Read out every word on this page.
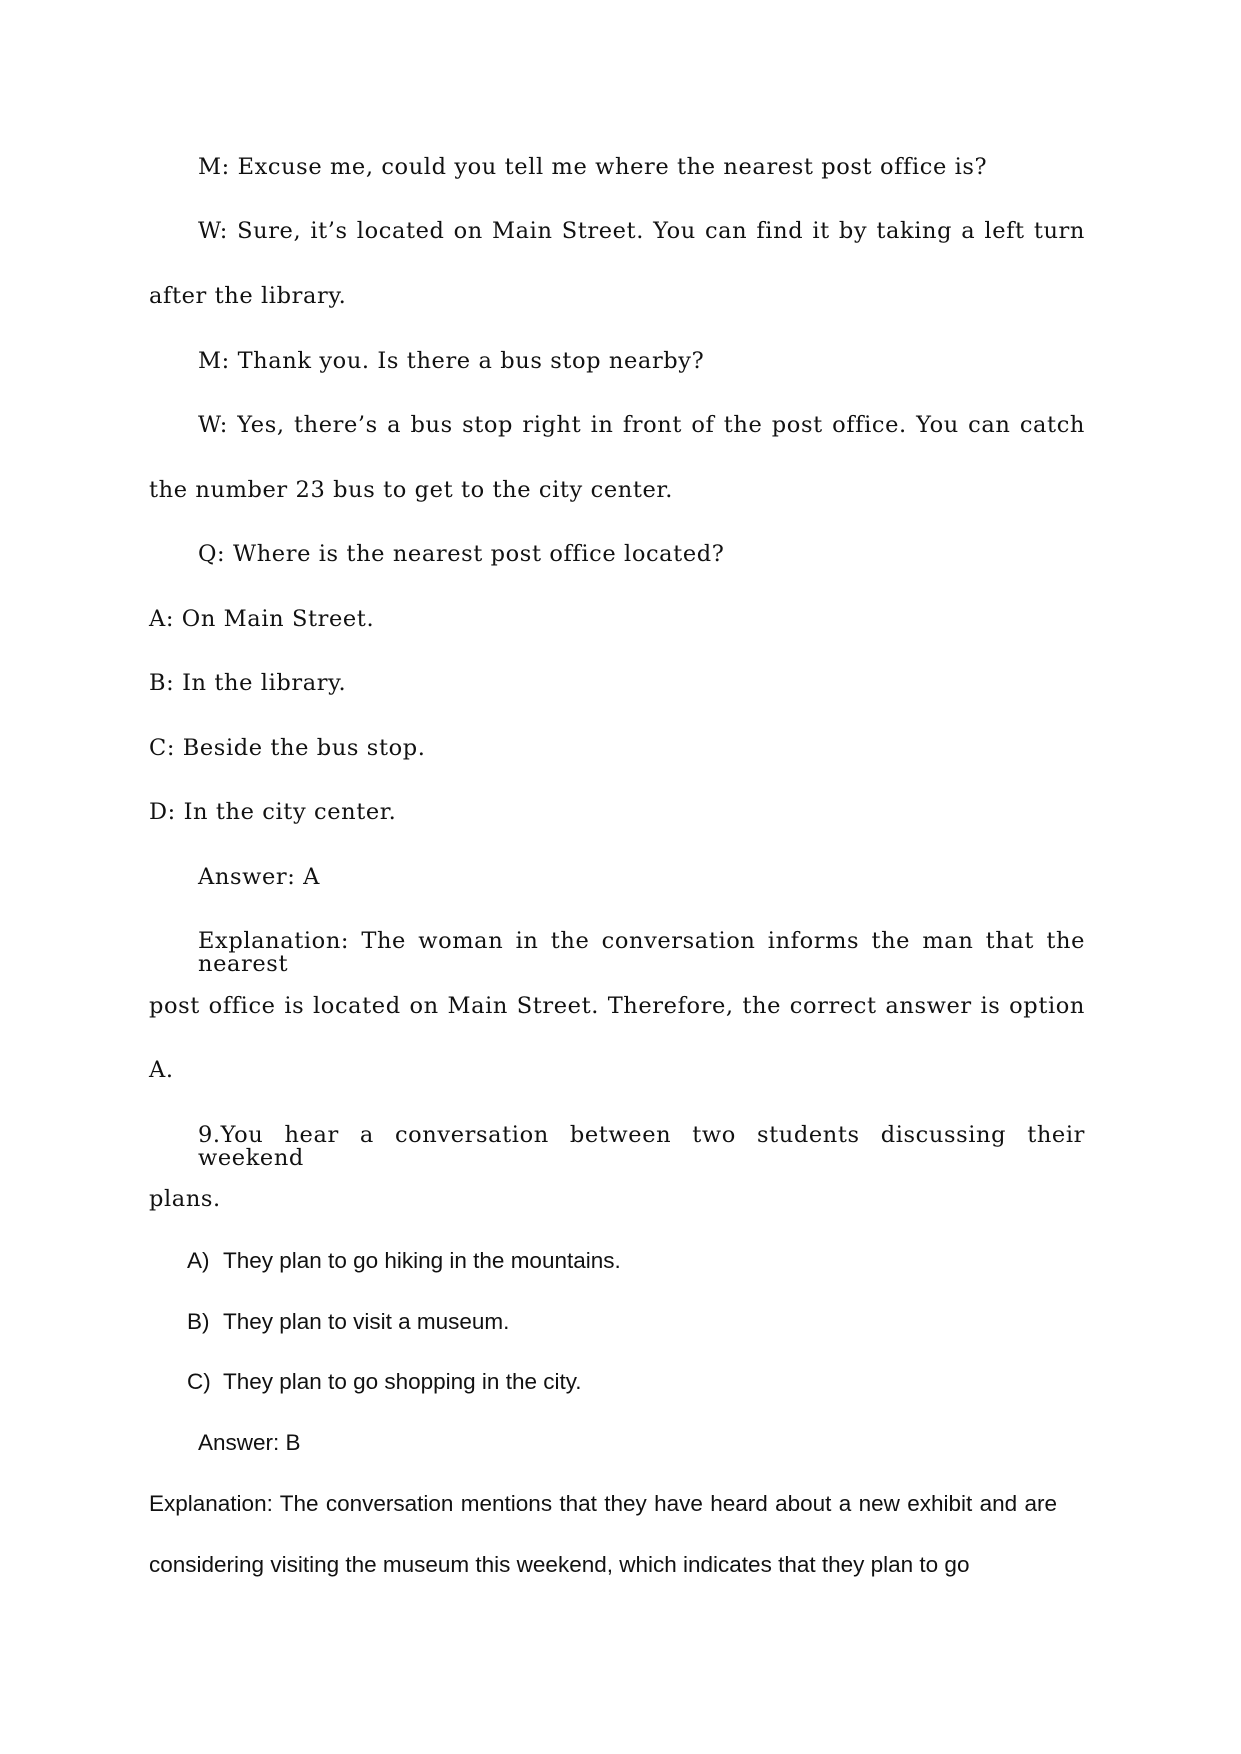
M: Excuse me, could you tell me where the nearest post office is?
W: Sure, it’s located on Main Street. You can find it by taking a left turn
after the library.
M: Thank you. Is there a bus stop nearby?
W: Yes, there’s a bus stop right in front of the post office. You can catch
the number 23 bus to get to the city center.
Q: Where is the nearest post office located?
A: On Main Street.
B: In the library.
C: Beside the bus stop.
D: In the city center.
Answer: A
Explanation: The woman in the conversation informs the man that the nearest
post office is located on Main Street. Therefore, the correct answer is option
A.
9.You hear a conversation between two students discussing their weekend
plans.
A) They plan to go hiking in the mountains.
B) They plan to visit a museum.
C) They plan to go shopping in the city.
Answer: B
Explanation: The conversation mentions that they have heard about a new exhibit and are
considering visiting the museum this weekend, which indicates that they plan to go
